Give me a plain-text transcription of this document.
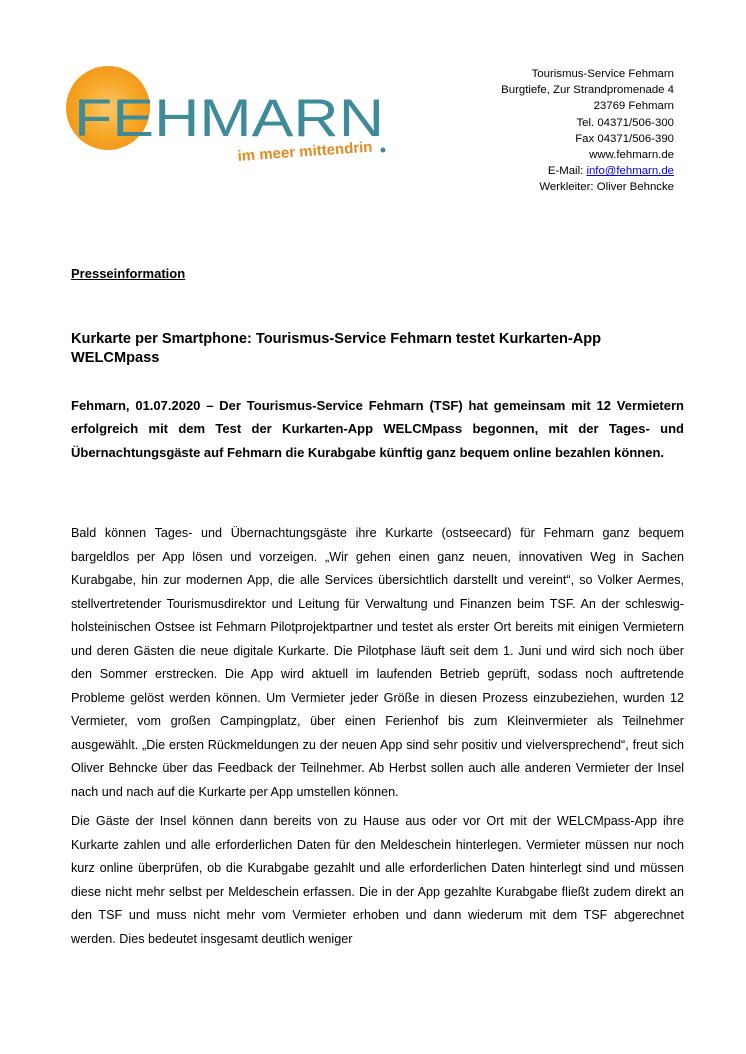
FEHMARN
im meer mittendrin
Tourismus-Service Fehmarn
Burgtiefe, Zur Strandpromenade 4
23769 Fehmarn
Tel. 04371/506-300
Fax 04371/506-390
www.fehmarn.de
E-Mail: info@fehmarn.de
Werkleiter: Oliver Behncke
Presseinformation
Kurkarte per Smartphone: Tourismus-Service Fehmarn testet Kurkarten-App WELCMpass
Fehmarn, 01.07.2020 – Der Tourismus-Service Fehmarn (TSF) hat gemeinsam mit 12 Vermietern erfolgreich mit dem Test der Kurkarten-App WELCMpass begonnen, mit der Tages- und Übernachtungsgäste auf Fehmarn die Kurabgabe künftig ganz bequem online bezahlen können.

Bald können Tages- und Übernachtungsgäste ihre Kurkarte (ostseecard) für Fehmarn ganz bequem bargeldlos per App lösen und vorzeigen. „Wir gehen einen ganz neuen, innovativen Weg in Sachen Kurabgabe, hin zur modernen App, die alle Services übersichtlich darstellt und vereint“, so Volker Aermes, stellvertretender Tourismusdirektor und Leitung für Verwaltung und Finanzen beim TSF. An der schleswig-holsteinischen Ostsee ist Fehmarn Pilotprojektpartner und testet als erster Ort bereits mit einigen Vermietern und deren Gästen die neue digitale Kurkarte. Die Pilotphase läuft seit dem 1. Juni und wird sich noch über den Sommer erstrecken. Die App wird aktuell im laufenden Betrieb geprüft, sodass noch auftretende Probleme gelöst werden können. Um Vermieter jeder Größe in diesen Prozess einzubeziehen, wurden 12 Vermieter, vom großen Campingplatz, über einen Ferienhof bis zum Kleinvermieter als Teilnehmer ausgewählt. „Die ersten Rückmeldungen zu der neuen App sind sehr positiv und vielversprechend“, freut sich Oliver Behncke über das Feedback der Teilnehmer. Ab Herbst sollen auch alle anderen Vermieter der Insel nach und nach auf die Kurkarte per App umstellen können.

Die Gäste der Insel können dann bereits von zu Hause aus oder vor Ort mit der WELCMpass-App ihre Kurkarte zahlen und alle erforderlichen Daten für den Meldeschein hinterlegen. Vermieter müssen nur noch kurz online überprüfen, ob die Kurabgabe gezahlt und alle erforderlichen Daten hinterlegt sind und müssen diese nicht mehr selbst per Meldeschein erfassen. Die in der App gezahlte Kurabgabe fließt zudem direkt an den TSF und muss nicht mehr vom Vermieter erhoben und dann wiederum mit dem TSF abgerechnet werden. Dies bedeutet insgesamt deutlich weniger
